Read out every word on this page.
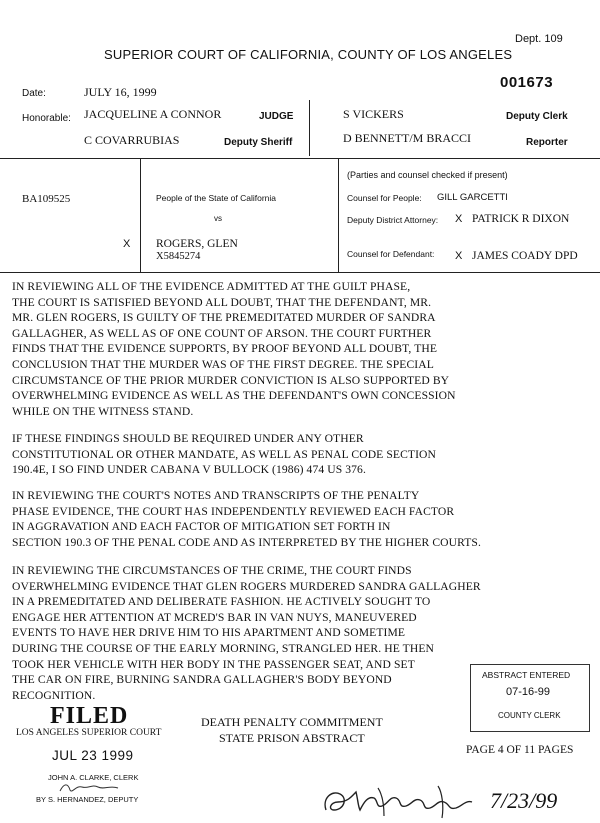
Dept. 109
SUPERIOR COURT OF CALIFORNIA, COUNTY OF LOS ANGELES
001673
Date:	JULY 16, 1999
Honorable: JACQUELINE A CONNOR	JUDGE
C COVARRUBIAS	Deputy Sheriff
S VICKERS	Deputy Clerk
D BENNETT/M BRACCI	Reporter
BA109525
(Parties and counsel checked if present)
People of the State of California
vs
X ROGERS, GLEN
X5845274
Counsel for People: GILL GARCETTI
Deputy District Attorney: X PATRICK R DIXON
Counsel for Defendant: X JAMES COADY DPD
IN REVIEWING ALL OF THE EVIDENCE ADMITTED AT THE GUILT PHASE,
THE COURT IS SATISFIED BEYOND ALL DOUBT, THAT THE DEFENDANT, MR.
MR. GLEN ROGERS, IS GUILTY OF THE PREMEDITATED MURDER OF SANDRA
GALLAGHER, AS WELL AS OF ONE COUNT OF ARSON. THE COURT FURTHER
FINDS THAT THE EVIDENCE SUPPORTS, BY PROOF BEYOND ALL DOUBT, THE
CONCLUSION THAT THE MURDER WAS OF THE FIRST DEGREE. THE SPECIAL
CIRCUMSTANCE OF THE PRIOR MURDER CONVICTION IS ALSO SUPPORTED BY
OVERWHELMING EVIDENCE AS WELL AS THE DEFENDANT'S OWN CONCESSION
WHILE ON THE WITNESS STAND.
IF THESE FINDINGS SHOULD BE REQUIRED UNDER ANY OTHER
CONSTITUTIONAL OR OTHER MANDATE, AS WELL AS PENAL CODE SECTION
190.4E, I SO FIND UNDER CABANA V BULLOCK (1986) 474 US 376.
IN REVIEWING THE COURT'S NOTES AND TRANSCRIPTS OF THE PENALTY
PHASE EVIDENCE, THE COURT HAS INDEPENDENTLY REVIEWED EACH FACTOR
IN AGGRAVATION AND EACH FACTOR OF MITIGATION SET FORTH IN
SECTION 190.3 OF THE PENAL CODE AND AS INTERPRETED BY THE HIGHER COURTS.
IN REVIEWING THE CIRCUMSTANCES OF THE CRIME, THE COURT FINDS
OVERWHELMING EVIDENCE THAT GLEN ROGERS MURDERED SANDRA GALLAGHER
IN A PREMEDITATED AND DELIBERATE FASHION. HE ACTIVELY SOUGHT TO
ENGAGE HER ATTENTION AT MCRED'S BAR IN VAN NUYS, MANEUVERED
EVENTS TO HAVE HER DRIVE HIM TO HIS APARTMENT AND SOMETIME
DURING THE COURSE OF THE EARLY MORNING, STRANGLED HER. HE THEN
TOOK HER VEHICLE WITH HER BODY IN THE PASSENGER SEAT, AND SET
THE CAR ON FIRE, BURNING SANDRA GALLAGHER'S BODY BEYOND
RECOGNITION.
ABSTRACT ENTERED
07-16-99
COUNTY CLERK
FILED
LOS ANGELES SUPERIOR COURT
JUL 23 1999
JOHN A. CLARKE, CLERK
BY S. HERNANDEZ, DEPUTY
DEATH PENALTY COMMITMENT
STATE PRISON ABSTRACT
PAGE 4 OF 11 PAGES
7/23/99
